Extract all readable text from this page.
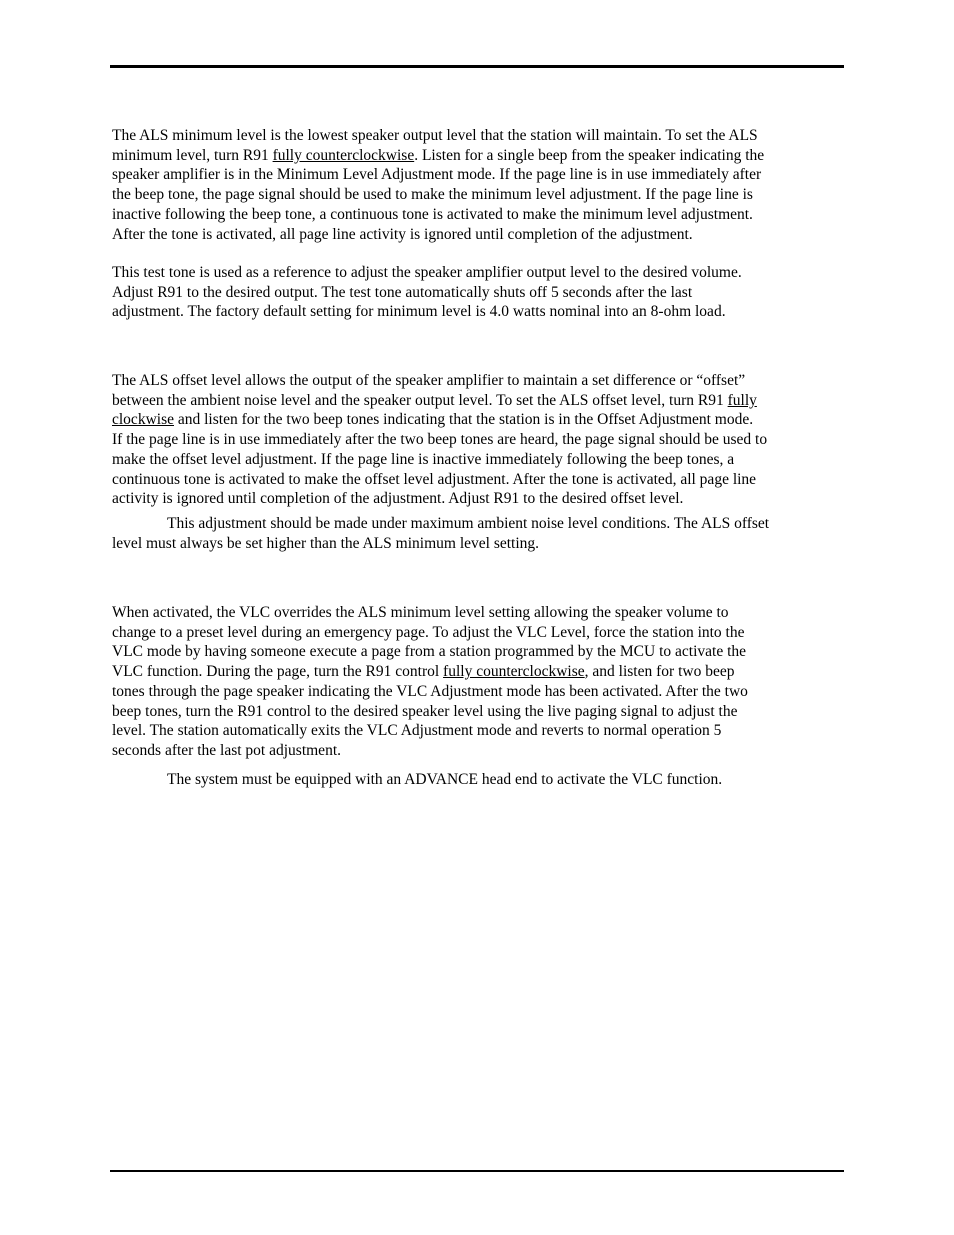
The ALS minimum level is the lowest speaker output level that the station will maintain. To set the ALS
minimum level, turn R91 fully counterclockwise. Listen for a single beep from the speaker indicating the
speaker amplifier is in the Minimum Level Adjustment mode. If the page line is in use immediately after
the beep tone, the page signal should be used to make the minimum level adjustment. If the page line is
inactive following the beep tone, a continuous tone is activated to make the minimum level adjustment.
After the tone is activated, all page line activity is ignored until completion of the adjustment.

This test tone is used as a reference to adjust the speaker amplifier output level to the desired volume.
Adjust R91 to the desired output. The test tone automatically shuts off 5 seconds after the last
adjustment. The factory default setting for minimum level is 4.0 watts nominal into an 8-ohm load.

The ALS offset level allows the output of the speaker amplifier to maintain a set difference or “offset”
between the ambient noise level and the speaker output level. To set the ALS offset level, turn R91 fully
clockwise and listen for the two beep tones indicating that the station is in the Offset Adjustment mode.
If the page line is in use immediately after the two beep tones are heard, the page signal should be used to
make the offset level adjustment. If the page line is inactive immediately following the beep tones, a
continuous tone is activated to make the offset level adjustment. After the tone is activated, all page line
activity is ignored until completion of the adjustment. Adjust R91 to the desired offset level.

This adjustment should be made under maximum ambient noise level conditions. The ALS offset
level must always be set higher than the ALS minimum level setting.

When activated, the VLC overrides the ALS minimum level setting allowing the speaker volume to
change to a preset level during an emergency page. To adjust the VLC Level, force the station into the
VLC mode by having someone execute a page from a station programmed by the MCU to activate the
VLC function. During the page, turn the R91 control fully counterclockwise, and listen for two beep
tones through the page speaker indicating the VLC Adjustment mode has been activated. After the two
beep tones, turn the R91 control to the desired speaker level using the live paging signal to adjust the
level. The station automatically exits the VLC Adjustment mode and reverts to normal operation 5
seconds after the last pot adjustment.

The system must be equipped with an ADVANCE head end to activate the VLC function.
